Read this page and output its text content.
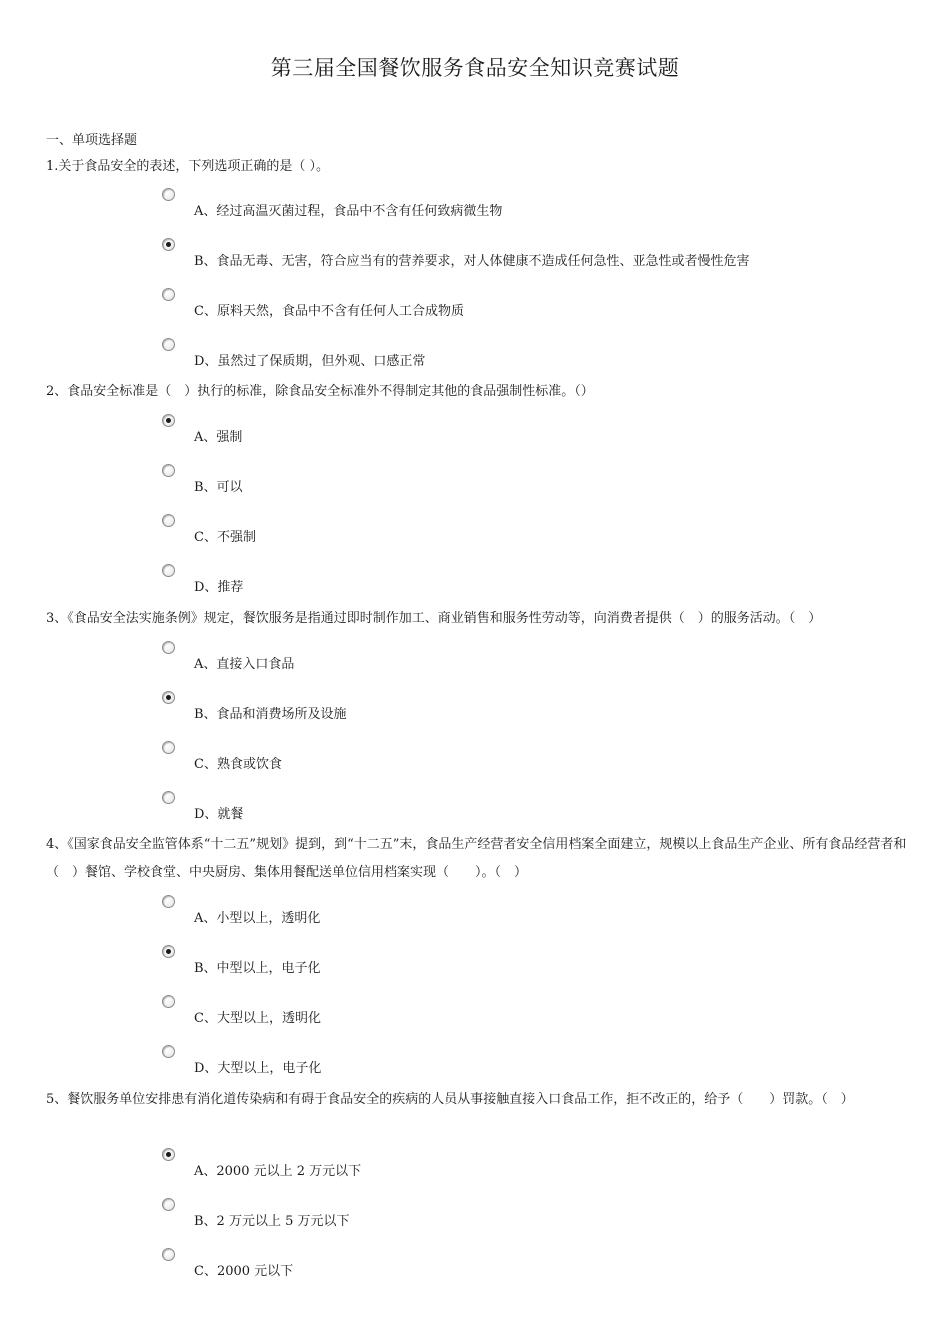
第三届全国餐饮服务食品安全知识竞赛试题
一、单项选择题
1.关于食品安全的表述，下列选项正确的是（ ）。
A、经过高温灭菌过程，食品中不含有任何致病微生物
B、食品无毒、无害，符合应当有的营养要求，对人体健康不造成任何急性、亚急性或者慢性危害
C、原料天然，食品中不含有任何人工合成物质
D、虽然过了保质期，但外观、口感正常
2、食品安全标准是（　）执行的标准，除食品安全标准外不得制定其他的食品强制性标准。（）
A、强制
B、可以
C、不强制
D、推荐
3、《食品安全法实施条例》规定，餐饮服务是指通过即时制作加工、商业销售和服务性劳动等，向消费者提供（　）的服务活动。（　）
A、直接入口食品
B、食品和消费场所及设施
C、熟食或饮食
D、就餐
4、《国家食品安全监管体系“十二五”规划》提到，到“十二五”末，食品生产经营者安全信用档案全面建立，规模以上食品生产企业、所有食品经营者和（　）餐馆、学校食堂、中央厨房、集体用餐配送单位信用档案实现（　　）。（　）
A、小型以上，透明化
B、中型以上，电子化
C、大型以上，透明化
D、大型以上，电子化
5、餐饮服务单位安排患有消化道传染病和有碍于食品安全的疾病的人员从事接触直接入口食品工作，拒不改正的，给予（　　）罚款。（　）
A、2000 元以上 2 万元以下
B、2 万元以上 5 万元以下
C、2000 元以下
